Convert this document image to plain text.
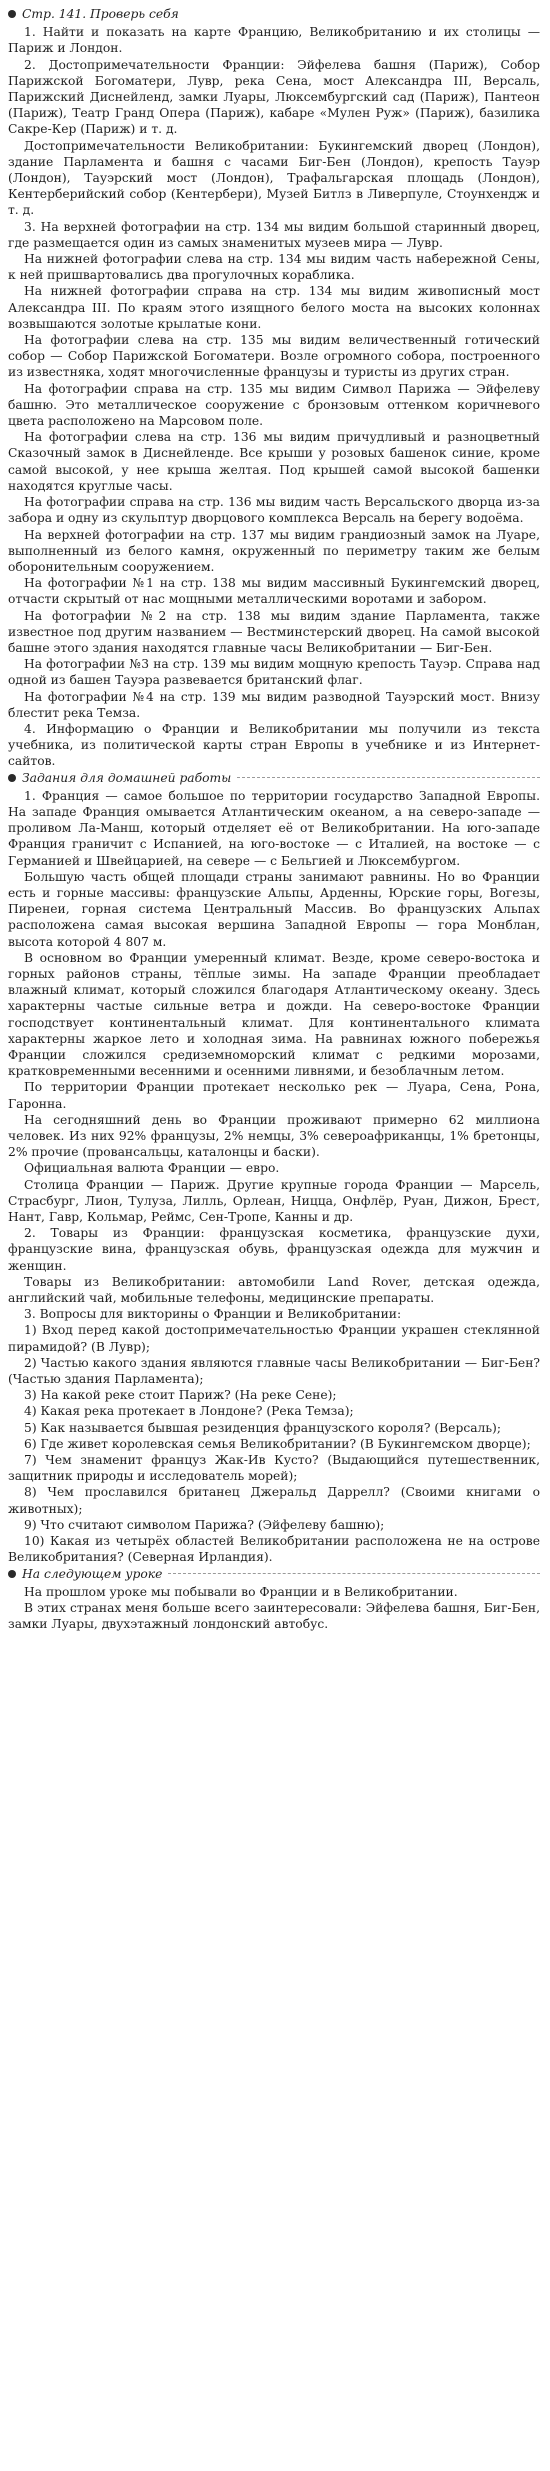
Стр. 141. Проверь себя

1. Найти и показать на карте Францию, Великобританию и их столицы — Париж и Лондон.

2. Достопримечательности Франции: Эйфелева башня (Париж), Собор Парижской Богоматери, Лувр, река Сена, мост Александра III, Версаль, Парижский Диснейленд, замки Луары, Люксембургский сад (Париж), Пантеон (Париж), Театр Гранд Опера (Париж), кабаре «Мулен Руж» (Париж), базилика Сакре-Кер (Париж) и т. д.

Достопримечательности Великобритании: Букингемский дворец (Лондон), здание Парламента и башня с часами Биг-Бен (Лондон), крепость Тауэр (Лондон), Тауэрский мост (Лондон), Трафальгарская площадь (Лондон), Кентерберийский собор (Кентербери), Музей Битлз в Ливерпуле, Стоунхендж и т. д.

3. На верхней фотографии на стр. 134 мы видим большой старинный дворец, где размещается один из самых знаменитых музеев мира — Лувр.

На нижней фотографии слева на стр. 134 мы видим часть набережной Сены, к ней пришвартовались два прогулочных кораблика.

На нижней фотографии справа на стр. 134 мы видим живописный мост Александра III. По краям этого изящного белого моста на высоких колоннах возвышаются золотые крылатые кони.

На фотографии слева на стр. 135 мы видим величественный готический собор — Собор Парижской Богоматери. Возле огромного собора, построенного из известняка, ходят многочисленные французы и туристы из других стран.

На фотографии справа на стр. 135 мы видим Символ Парижа — Эйфелеву башню. Это металлическое сооружение с бронзовым оттенком коричневого цвета расположено на Марсовом поле.

На фотографии слева на стр. 136 мы видим причудливый и разноцветный Сказочный замок в Диснейленде. Все крыши у розовых башенок синие, кроме самой высокой, у нее крыша желтая. Под крышей самой высокой башенки находятся круглые часы.

На фотографии справа на стр. 136 мы видим часть Версальского дворца из-за забора и одну из скульптур дворцового комплекса Версаль на берегу водоёма.

На верхней фотографии на стр. 137 мы видим грандиозный замок на Луаре, выполненный из белого камня, окруженный по периметру таким же белым оборонительным сооружением.

На фотографии №1 на стр. 138 мы видим массивный Букингемский дворец, отчасти скрытый от нас мощными металлическими воротами и забором.

На фотографии №2 на стр. 138 мы видим здание Парламента, также известное под другим названием — Вестминстерский дворец. На самой высокой башне этого здания находятся главные часы Великобритании — Биг-Бен.

На фотографии №3 на стр. 139 мы видим мощную крепость Тауэр. Справа над одной из башен Тауэра развевается британский флаг.

На фотографии №4 на стр. 139 мы видим разводной Тауэрский мост. Внизу блестит река Темза.

4. Информацию о Франции и Великобритании мы получили из текста учебника, из политической карты стран Европы в учебнике и из Интернет-сайтов.

Задания для домашней работы

1. Франция — самое большое по территории государство Западной Европы. На западе Франция омывается Атлантическим океаном, а на северо-западе — проливом Ла-Манш, который отделяет её от Великобритании. На юго-западе Франция граничит с Испанией, на юго-востоке — с Италией, на востоке — с Германией и Швейцарией, на севере — с Бельгией и Люксембургом.

Большую часть общей площади страны занимают равнины. Но во Франции есть и горные массивы: французские Альпы, Арденны, Юрские горы, Вогезы, Пиренеи, горная система Центральный Массив. Во французских Альпах расположена самая высокая вершина Западной Европы — гора Монблан, высота которой 4 807 м.

В основном во Франции умеренный климат. Везде, кроме северо-востока и горных районов страны, тёплые зимы. На западе Франции преобладает влажный климат, который сложился благодаря Атлантическому океану. Здесь характерны частые сильные ветра и дожди. На северо-востоке Франции господствует континентальный климат. Для континентального климата характерны жаркое лето и холодная зима. На равнинах южного побережья Франции сложился средиземноморский климат с редкими морозами, кратковременными весенними и осенними ливнями, и безоблачным летом.

По территории Франции протекает несколько рек — Луара, Сена, Рона, Гаронна.

На сегодняшний день во Франции проживают примерно 62 миллиона человек. Из них 92% французы, 2% немцы, 3% североафриканцы, 1% бретонцы, 2% прочие (провансальцы, каталонцы и баски).

Официальная валюта Франции — евро.

Столица Франции — Париж. Другие крупные города Франции — Марсель, Страсбург, Лион, Тулуза, Лилль, Орлеан, Ницца, Онфлёр, Руан, Дижон, Брест, Нант, Гавр, Кольмар, Реймс, Сен-Тропе, Канны и др.

2. Товары из Франции: французская косметика, французские духи, французские вина, французская обувь, французская одежда для мужчин и женщин.

Товары из Великобритании: автомобили Land Rover, детская одежда, английский чай, мобильные телефоны, медицинские препараты.

3. Вопросы для викторины о Франции и Великобритании:

1) Вход перед какой достопримечательностью Франции украшен стеклянной пирамидой? (В Лувр);

2) Частью какого здания являются главные часы Великобритании — Биг-Бен? (Частью здания Парламента);

3) На какой реке стоит Париж? (На реке Сене);

4) Какая река протекает в Лондоне? (Река Темза);

5) Как называется бывшая резиденция французского короля? (Версаль);

6) Где живет королевская семья Великобритании? (В Букингемском дворце);

7) Чем знаменит француз Жак-Ив Кусто? (Выдающийся путешественник, защитник природы и исследователь морей);

8) Чем прославился британец Джеральд Даррелл? (Своими книгами о животных);

9) Что считают символом Парижа? (Эйфелеву башню);

10) Какая из четырёх областей Великобритании расположена не на острове Великобритания? (Северная Ирландия).

На следующем уроке

На прошлом уроке мы побывали во Франции и в Великобритании.

В этих странах меня больше всего заинтересовали: Эйфелева башня, Биг-Бен, замки Луары, двухэтажный лондонский автобус.
